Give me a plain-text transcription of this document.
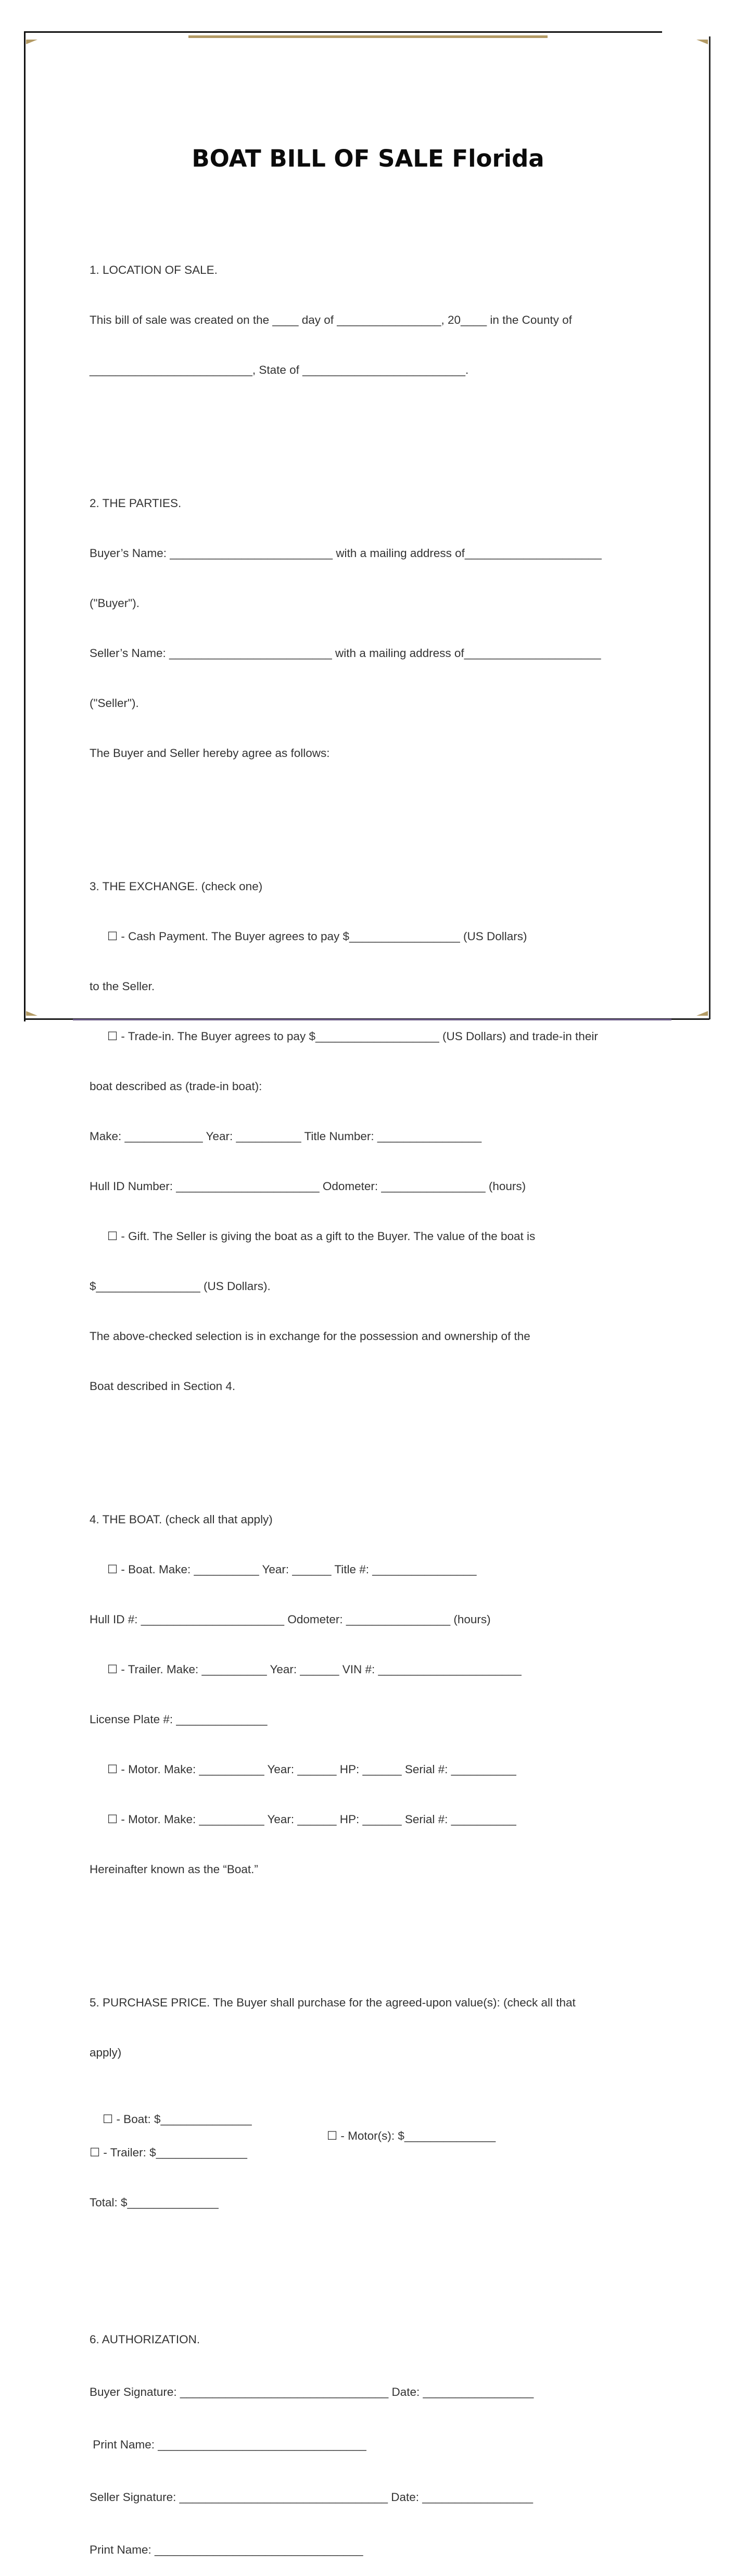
BOAT BILL OF SALE Florida

1. LOCATION OF SALE.

This bill of sale was created on the ____ day of ________________, 20____ in the County of

_________________________, State of _________________________.

2. THE PARTIES.

Buyer’s Name: _________________________ with a mailing address of_____________________

("Buyer").

Seller’s Name: _________________________ with a mailing address of_____________________

("Seller").

The Buyer and Seller hereby agree as follows:

3. THE EXCHANGE. (check one)

☐ - Cash Payment. The Buyer agrees to pay $_________________ (US Dollars)

to the Seller.

☐ - Trade-in. The Buyer agrees to pay $___________________ (US Dollars) and trade-in their

boat described as (trade-in boat):

Make: ____________ Year: __________ Title Number: ________________

Hull ID Number: ______________________ Odometer: ________________ (hours)

☐ - Gift. The Seller is giving the boat as a gift to the Buyer. The value of the boat is

$________________ (US Dollars).

The above-checked selection is in exchange for the possession and ownership of the

Boat described in Section 4.

4. THE BOAT. (check all that apply)

☐ - Boat. Make: __________ Year: ______ Title #: ________________

Hull ID #: ______________________ Odometer: ________________ (hours)

☐ - Trailer. Make: __________ Year: ______ VIN #: ______________________

License Plate #: ______________

☐ - Motor. Make: __________ Year: ______ HP: ______ Serial #: __________

☐ - Motor. Make: __________ Year: ______ HP: ______ Serial #: __________

Hereinafter known as the “Boat.”

5. PURCHASE PRICE. The Buyer shall purchase for the agreed-upon value(s): (check all that

apply)

☐ - Boat: $______________

☐ - Motor(s): $______________

☐ - Trailer: $______________

Total: $______________

6. AUTHORIZATION.

Buyer Signature: ________________________________ Date: _________________

Print Name: ________________________________

Seller Signature: ________________________________ Date: _________________

Print Name: ________________________________
